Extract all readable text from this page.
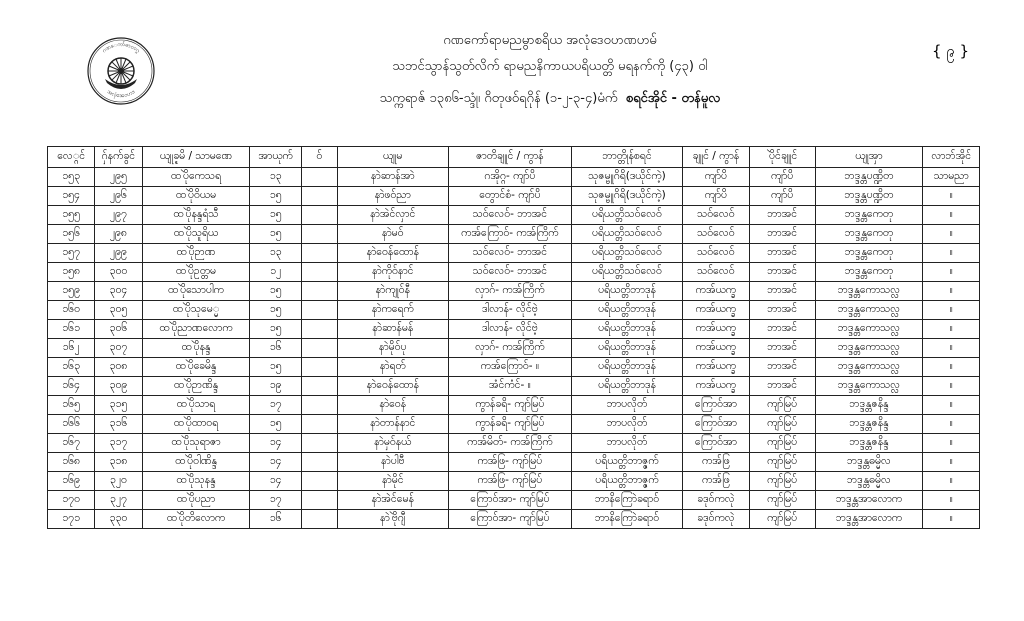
ဂဏ​ေကာ်ဓာဝ၀ဂ္ဂ
အလုံဒေဝေဟဒ​
ဂဏ​ကော်ရာမညမွာစရိယ အလုံဒေဝဟဏဟမ်
သဘင်သွာန်သွတ်လိက် ရာမညနိကာယပရိယတ္တိ မရနက်ကို (၄၃) ဝါ
သက္ကရာဇ် ၁၃၈၆-သ္ဒုံ၊ ဂိတုဖဝ်ရဂိုန် (၁-၂-၃-၄)မံက် စရင်အိုင် - တန်မူလ
{ ၉ }
လေ္ဂင်	ဂှ်နက်ခွင်	ယျုခ္ဍမိ / သာမဏေ	အာယုက်	ဝ်	ယျုမ	ဇာတိချူင် / ကွာန်	ဘာတ္တိုန်စရင်	ချူင် / ကွာန်	ပိုဲင်ချူင်	ယျုအှာ	လာဘ်အိုင်
၁၅၃	၂၉၅	ထပိုဲကေသရ	၁၃		နာဲဆာန်အာဲ	ဂအိုဂ္ဂ- ကျာ်ပိ	သုဇမ္ဗူဂိရိ(ဒယိုင်ကဲ့)	ကျာ်ပိ	ကျာ်ပိ	ဘဒ္ဒန္တပဏ္ဍိတ	သာမညာ
၁၅၄	၂၉၆	ထပိုဲဝိယမ	၁၅		နာဲဖဝ်ညာ	တွောင်စံ- ကျာ်ပိ	သုဇမ္ဗူဂိရိ(ဒယိုင်ကဲ့)	ကျာ်ပိ	ကျာ်ပိ	ဘဒ္ဒန္တပဏ္ဍိတ	။
၁၅၅	၂၉၇	ထပိုဲနန္ဒရံသီ	၁၅		နာဲအဲင်လှာင်	သဝ်လေဝ်- ဘာအင်	ပရိယတ္တိသဝ်လေဝ်	သဝ်လေဝ်	ဘာအင်	ဘဒ္ဒန္တကေတု	။
၁၅၆	၂၉၈	ထပိုဲသူရိယ	၁၅		နာဲမဝ်	ကအ်ကြောဝ်- ကအ်ကြိက်	ပရိယတ္တိသဝ်လေဝ်	သဝ်လေဝ်	ဘာအင်	ဘဒ္ဒန္တကေတု	။
၁၅၇	၂၉၉	ထပိုဲဉာဏ	၁၃		နာဲဝေန်ထောန်	သဝ်လေဝ်- ဘာအင်	ပရိယတ္တိသဝ်လေဝ်	သဝ်လေဝ်	ဘာအင်	ဘဒ္ဒန္တကေတု	။
၁၅၈	၃၀၀	ထပိုဲဥတ္တမ	၁၂		နာဲကိုဝ်နာင်	သဝ်လေဝ်- ဘာအင်	ပရိယတ္တိသဝ်လေဝ်	သဝ်လေဝ်	ဘာအင်	ဘဒ္ဒန္တကေတု	။
၁၅၉	၃၀၄	ထပိုဲသောပါက	၁၅		နာဲကျုဝ်နီ	လှာဂ်- ကအ်ကြိက်	ပရိယတ္တိဘာဒုန်	ကအ်ယက္ခ	ဘာအင်	ဘဒ္ဒန္တကောသလ္လ	။
၁၆၀	၃၀၅	ထပိုဲသုမေ္မ	၁၅		နာဲကရေက်	ဒါလာန်- လိုင်ဗဲ့	ပရိယတ္တိဘာဒုန်	ကအ်ယက္ခ	ဘာအင်	ဘဒ္ဒန္တကောသလ္လ	။
၁၆၁	၃၀၆	ထပိုဲညာဏလောက	၁၅		နာဲဆာန်မန်	ဒါလာန်- လိုင်ဗဲ့	ပရိယတ္တိဘာဒုန်	ကအ်ယက္ခ	ဘာအင်	ဘဒ္ဒန္တကောသလ္လ	။
၁၆၂	၃၀၇	ထပိုဲနန္ဒ	၁၆		နာဲမိုဝ်ပု	လှာဂ်- ကအ်ကြိက်	ပရိယတ္တိဘာဒုန်	ကအ်ယက္ခ	ဘာအင်	ဘဒ္ဒန္တကောသလ္လ	။
၁၆၃	၃၀၈	ထပိုဲခေမိန္ဒ	၁၅		နာဲရတ်	ကအ်ကြောဝ်- ။	ပရိယတ္တိဘာဒုန်	ကအ်ယက္ခ	ဘာအင်	ဘဒ္ဒန္တကောသလ္လ	။
၁၆၄	၃၀၉	ထပိုဲဉာဏိန္ဒ	၁၉		နာဲဝေန်ထောန်	အံင်ကံင်- ။	ပရိယတ္တိဘာဒုန်	ကအ်ယက္ခ	ဘာအင်	ဘဒ္ဒန္တကောသလ္လ	။
၁၆၅	၃၁၅	ထပိုဲသာရ	၁၇		နာဲဝေန်	ကွာန်ခရိ- ကျာ်မြပ်	ဘာပလိုတ်	ကြောဝ်အာ	ကျာ်မြပ်	ဘဒ္ဒန္တဇနိန္ဒ	။
၁၆၆	၃၁၆	ထပိုဲထာဝရ	၁၅		နာဲတာန်နာင်	ကွာန်ခရိ- ကျာ်မြပ်	ဘာပလိုတ်	ကြောဝ်အာ	ကျာ်မြပ်	ဘဒ္ဒန္တဇနိန္ဒ	။
၁၆၇	၃၁၇	ထပိုဲသုရာဇာ	၁၄		နာဲမှဝ်နယ်	ကအ်မိတ်- ကအ်ကြိက်	ဘာပလိုတ်	ကြောဝ်အာ	ကျာ်မြပ်	ဘဒ္ဒန္တဇနိန္ဒ	။
၁၆၈	၃၁၈	ထပိုဲဝါဏိန္ဒ	၁၄		နာဲပါဗီ	ကအ်ဖြ- ကျာ်မြပ်	ပရိယတ္တိဘာဇ္ဇက်	ကအ်ဖြ	ကျာ်မြပ်	ဘဒ္ဒန္တဓမ္မိလ	။
၁၆၉	၃၂၀	ထပိုဲသုနန္ဒ	၁၄		နာဲမိုင်	ကအ်ဖြ- ကျာ်မြပ်	ပရိယတ္တိဘာဇ္ဇက်	ကအ်ဖြ	ကျာ်မြပ်	ဘဒ္ဒန္တဓမ္မိလ	။
၁၇၀	၃၂၇	ထပိုဲပညာ	၁၇		နာဲအဲင်မေန်	ကြောဝ်အာ- ကျာ်မြပ်	ဘာနိကြောဲခရာဝ်	ခဒုဝ်ကလုဲ	ကျာ်မြပ်	ဘဒ္ဒန္တအာလောက	။
၁၇၁	၃၃၀	ထပိုဲတိလောက	၁၆		နာဲဗိုဲဂျီ	ကြောဝ်အာ- ကျာ်မြပ်	ဘာနိကြောဲခရာဝ်	ခဒုဝ်ကလုဲ	ကျာ်မြပ်	ဘဒ္ဒန္တအာလောက	။
